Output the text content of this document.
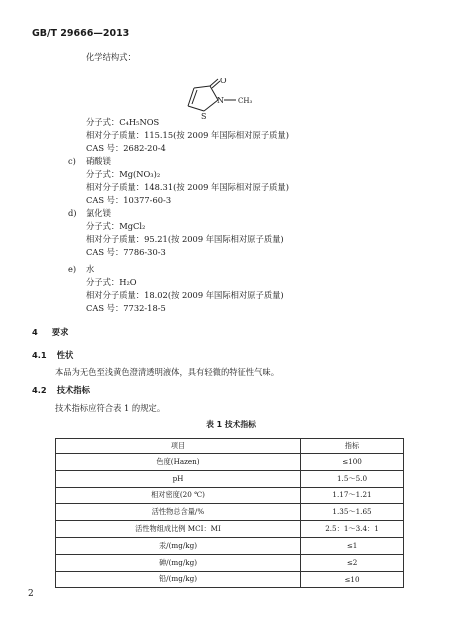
GB/T 29666—2013
化学结构式：
O
N
S
CH₃
分子式：C₄H₅NOS
相对分子质量：115.15(按 2009 年国际相对原子质量)
CAS 号：2682-20-4
c) 硝酸镁
分子式：Mg(NO₃)₂
相对分子质量：148.31(按 2009 年国际相对原子质量)
CAS 号：10377-60-3
d) 氯化镁
分子式：MgCl₂
相对分子质量：95.21(按 2009 年国际相对原子质量)
CAS 号：7786-30-3
e) 水
分子式：H₂O
相对分子质量：18.02(按 2009 年国际相对原子质量)
CAS 号：7732-18-5
4 要求
4.1 性状
本品为无色至浅黄色澄清透明液体，具有轻微的特征性气味。
4.2 技术指标
技术指标应符合表 1 的规定。
表 1 技术指标
项目	指标
色度(Hazen)	≤100
pH	1.5～5.0
相对密度(20 ℃)	1.17～1.21
活性物总含量/%	1.35～1.65
活性物组成比例 MCI：MI	2.5：1～3.4：1
汞/(mg/kg)	≤1
砷/(mg/kg)	≤2
铅/(mg/kg)	≤10
2
